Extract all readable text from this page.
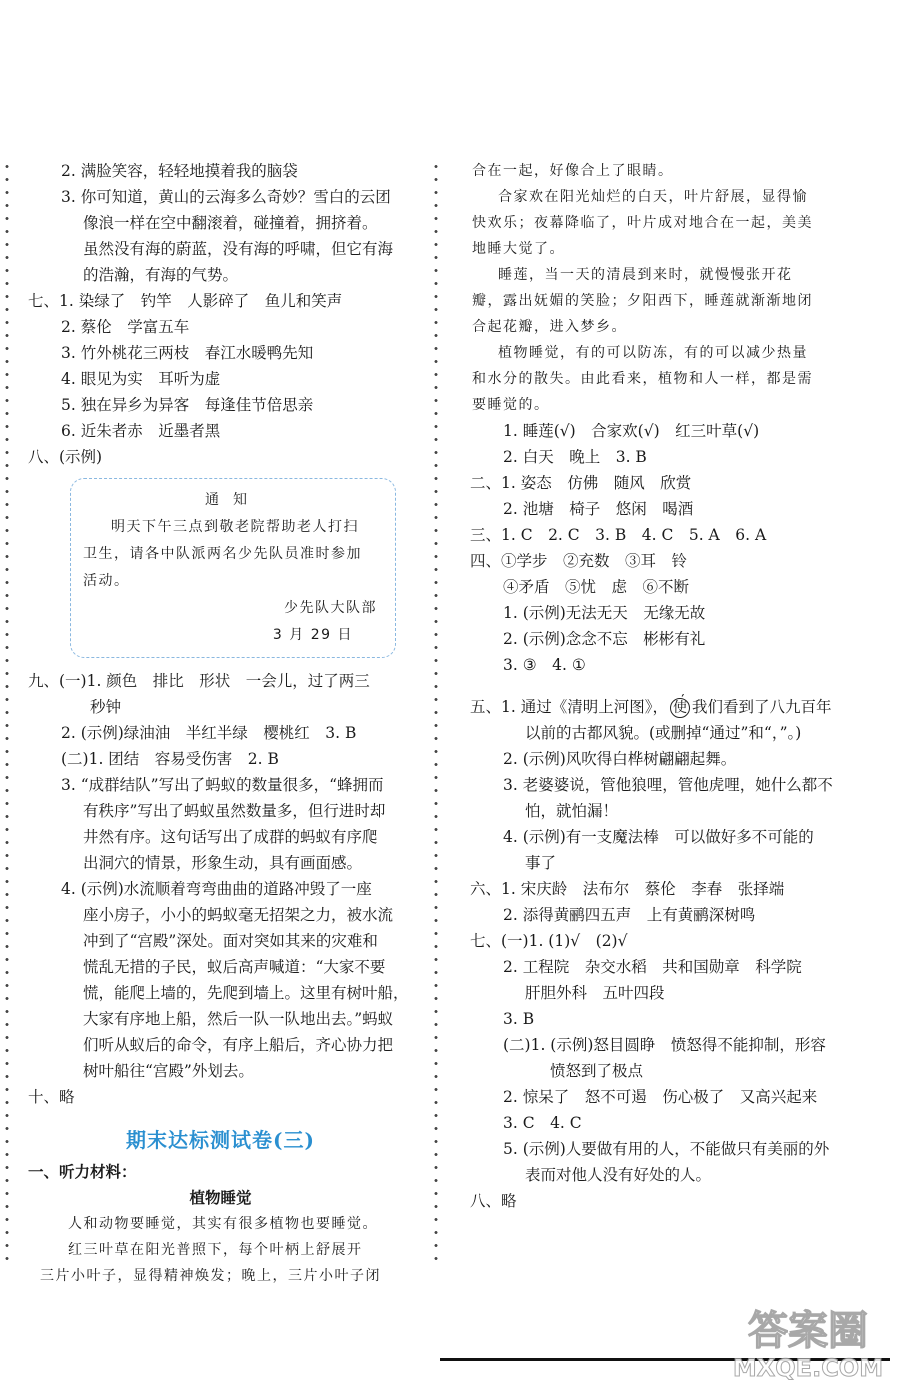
2. 满脸笑容，轻轻地摸着我的脑袋
3. 你可知道，黄山的云海多么奇妙？雪白的云团
像浪一样在空中翻滚着，碰撞着，拥挤着。
虽然没有海的蔚蓝，没有海的呼啸，但它有海
的浩瀚，有海的气势。
七、1. 染绿了　钓竿　人影碎了　鱼儿和笑声
2. 蔡伦　学富五车
3. 竹外桃花三两枝　春江水暖鸭先知
4. 眼见为实　耳听为虚
5. 独在异乡为异客　每逢佳节倍思亲
6. 近朱者赤　近墨者黑
八、(示例)
通知
明天下午三点到敬老院帮助老人打扫
卫生，请各中队派两名少先队员准时参加
活动。
少先队大队部
3 月 29 日
九、(一)1. 颜色　排比　形状　一会儿，过了两三
秒钟
2. (示例)绿油油　半红半绿　樱桃红　3. B
(二)1. 团结　容易受伤害　2. B
3. “成群结队”写出了蚂蚁的数量很多，“蜂拥而
有秩序”写出了蚂蚁虽然数量多，但行进时却
井然有序。这句话写出了成群的蚂蚁有序爬
出洞穴的情景，形象生动，具有画面感。
4. (示例)水流顺着弯弯曲曲的道路冲毁了一座
座小房子，小小的蚂蚁毫无招架之力，被水流
冲到了“宫殿”深处。面对突如其来的灾难和
慌乱无措的子民，蚁后高声喊道：“大家不要
慌，能爬上墙的，先爬到墙上。这里有树叶船，
大家有序地上船，然后一队一队地出去。”蚂蚁
们听从蚁后的命令，有序上船后，齐心协力把
树叶船往“宫殿”外划去。
十、略
期末达标测试卷(三)
一、听力材料：
植物睡觉
人和动物要睡觉，其实有很多植物也要睡觉。
红三叶草在阳光普照下，每个叶柄上舒展开
三片小叶子，显得精神焕发；晚上，三片小叶子闭
合在一起，好像合上了眼睛。
合家欢在阳光灿烂的白天，叶片舒展，显得愉
快欢乐；夜幕降临了，叶片成对地合在一起，美美
地睡大觉了。
睡莲，当一天的清晨到来时，就慢慢张开花
瓣，露出妩媚的笑脸；夕阳西下，睡莲就渐渐地闭
合起花瓣，进入梦乡。
植物睡觉，有的可以防冻，有的可以减少热量
和水分的散失。由此看来，植物和人一样，都是需
要睡觉的。
1. 睡莲(√)　合家欢(√)　红三叶草(√)
2. 白天　晚上　3. B
二、1. 姿态　仿佛　随风　欣赏
2. 池塘　椅子　悠闲　喝酒
三、1. C　2. C　3. B　4. C　5. A　6. A
四、①学步　②充数　③耳　铃
④矛盾　⑤忧　虑　⑥不断
1. (示例)无法无天　无缘无故
2. (示例)念念不忘　彬彬有礼
3. ③　4. ①
五、1. 通过《清明上河图》， 使 我们看到了八九百年
以前的古都风貌。(或删掉“通过”和“，”。)
2. (示例)风吹得白桦树翩翩起舞。
3. 老婆婆说，管他狼哩，管他虎哩，她什么都不
怕，就怕漏！
4. (示例)有一支魔法棒　可以做好多不可能的
事了
六、1. 宋庆龄　法布尔　蔡伦　李春　张择端
2. 添得黄鹂四五声　上有黄鹂深树鸣
七、(一)1. (1)√　(2)√
2. 工程院　杂交水稻　共和国勋章　科学院
肝胆外科　五叶四段
3. B
(二)1. (示例)怒目圆睁　愤怒得不能抑制，形容
愤怒到了极点
2. 惊呆了　怒不可遏　伤心极了　又高兴起来
3. C　4. C
5. (示例)人要做有用的人，不能做只有美丽的外
表而对他人没有好处的人。
八、略
答案圈
MXQE.COM
